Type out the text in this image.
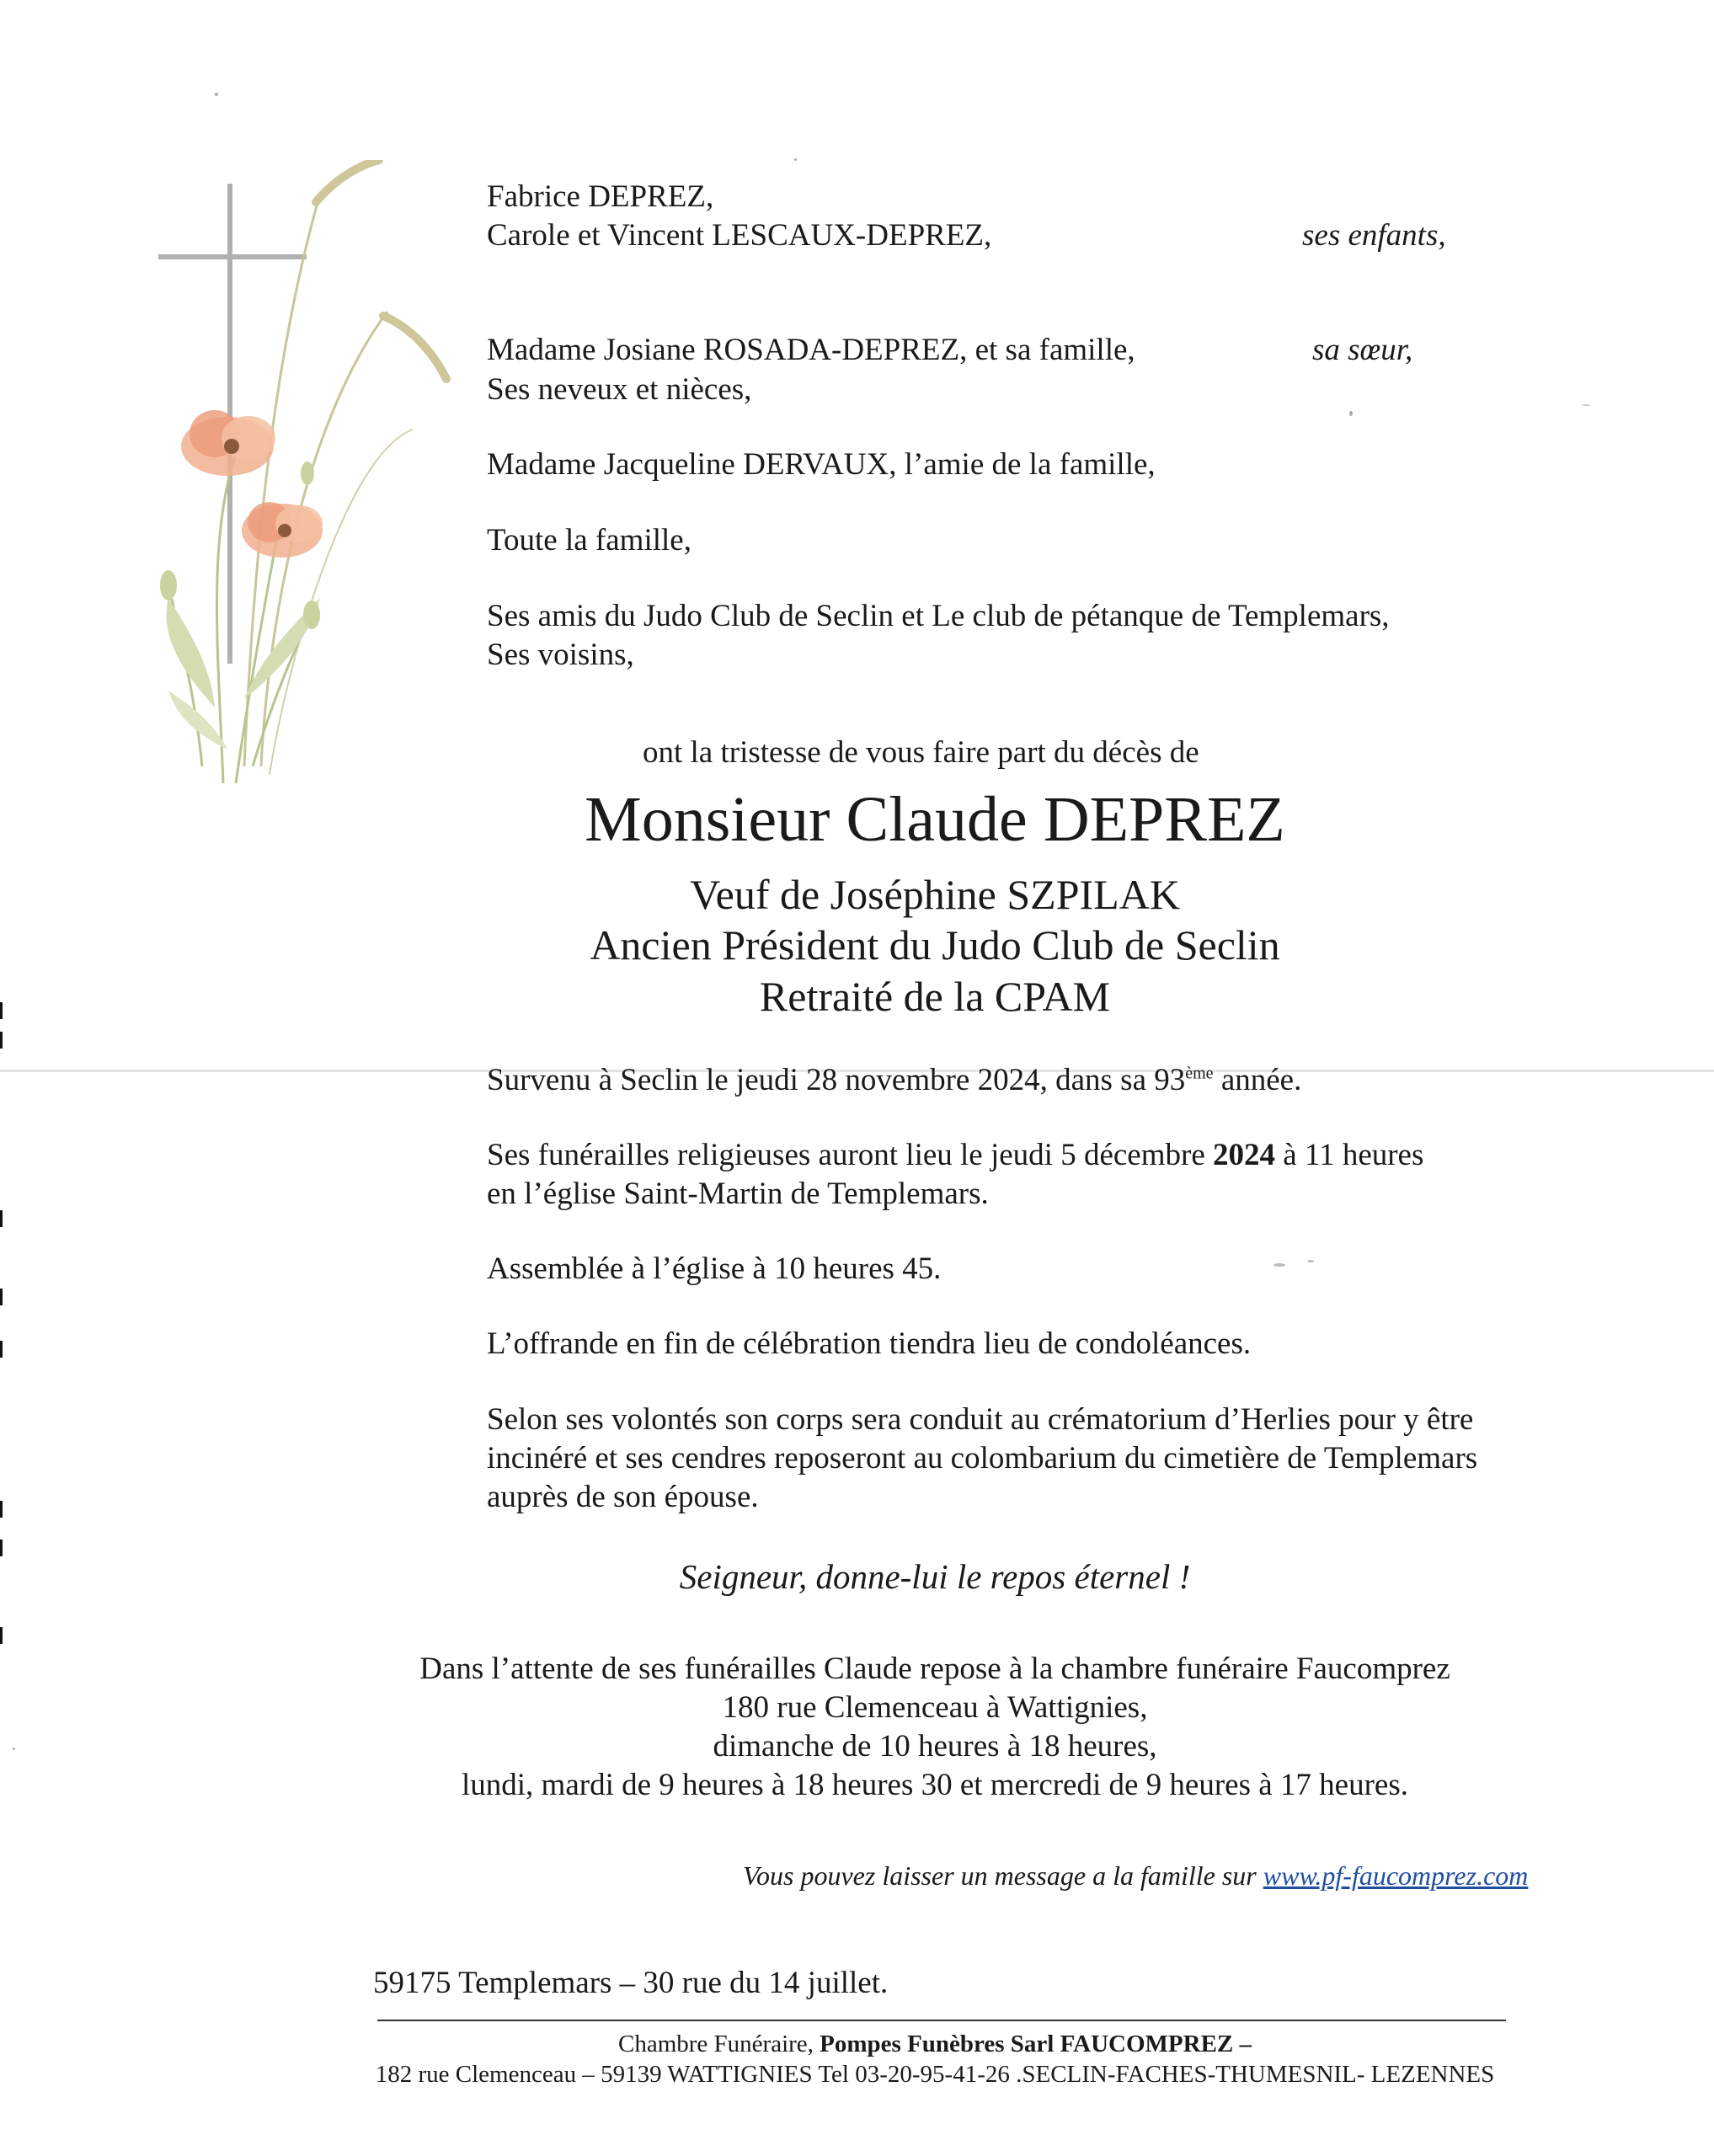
Fabrice DEPREZ,
Carole et Vincent LESCAUX-DEPREZ,	ses enfants,
Madame Josiane ROSADA-DEPREZ, et sa famille,	sa sœur,
Ses neveux et nièces,
Madame Jacqueline DERVAUX, l’amie de la famille,
Toute la famille,
Ses amis du Judo Club de Seclin et Le club de pétanque de Templemars,
Ses voisins,
ont la tristesse de vous faire part du décès de
Monsieur Claude DEPREZ
Veuf de Joséphine SZPILAK
Ancien Président du Judo Club de Seclin
Retraité de la CPAM
Survenu à Seclin le jeudi 28 novembre 2024, dans sa 93ème année.
Ses funérailles religieuses auront lieu le jeudi 5 décembre 2024 à 11 heures
en l’église Saint-Martin de Templemars.
Assemblée à l’église à 10 heures 45.
L’offrande en fin de célébration tiendra lieu de condoléances.
Selon ses volontés son corps sera conduit au crématorium d’Herlies pour y être
incinéré et ses cendres reposeront au colombarium du cimetière de Templemars
auprès de son épouse.
Seigneur, donne-lui le repos éternel !
Dans l’attente de ses funérailles Claude repose à la chambre funéraire Faucomprez
180 rue Clemenceau à Wattignies,
dimanche de 10 heures à 18 heures,
lundi, mardi de 9 heures à 18 heures 30 et mercredi de 9 heures à 17 heures.
Vous pouvez laisser un message a la famille sur www.pf-faucomprez.com
59175 Templemars – 30 rue du 14 juillet.
Chambre Funéraire, Pompes Funèbres Sarl FAUCOMPREZ –
182 rue Clemenceau – 59139 WATTIGNIES Tel 03-20-95-41-26 .SECLIN-FACHES-THUMESNIL- LEZENNES
